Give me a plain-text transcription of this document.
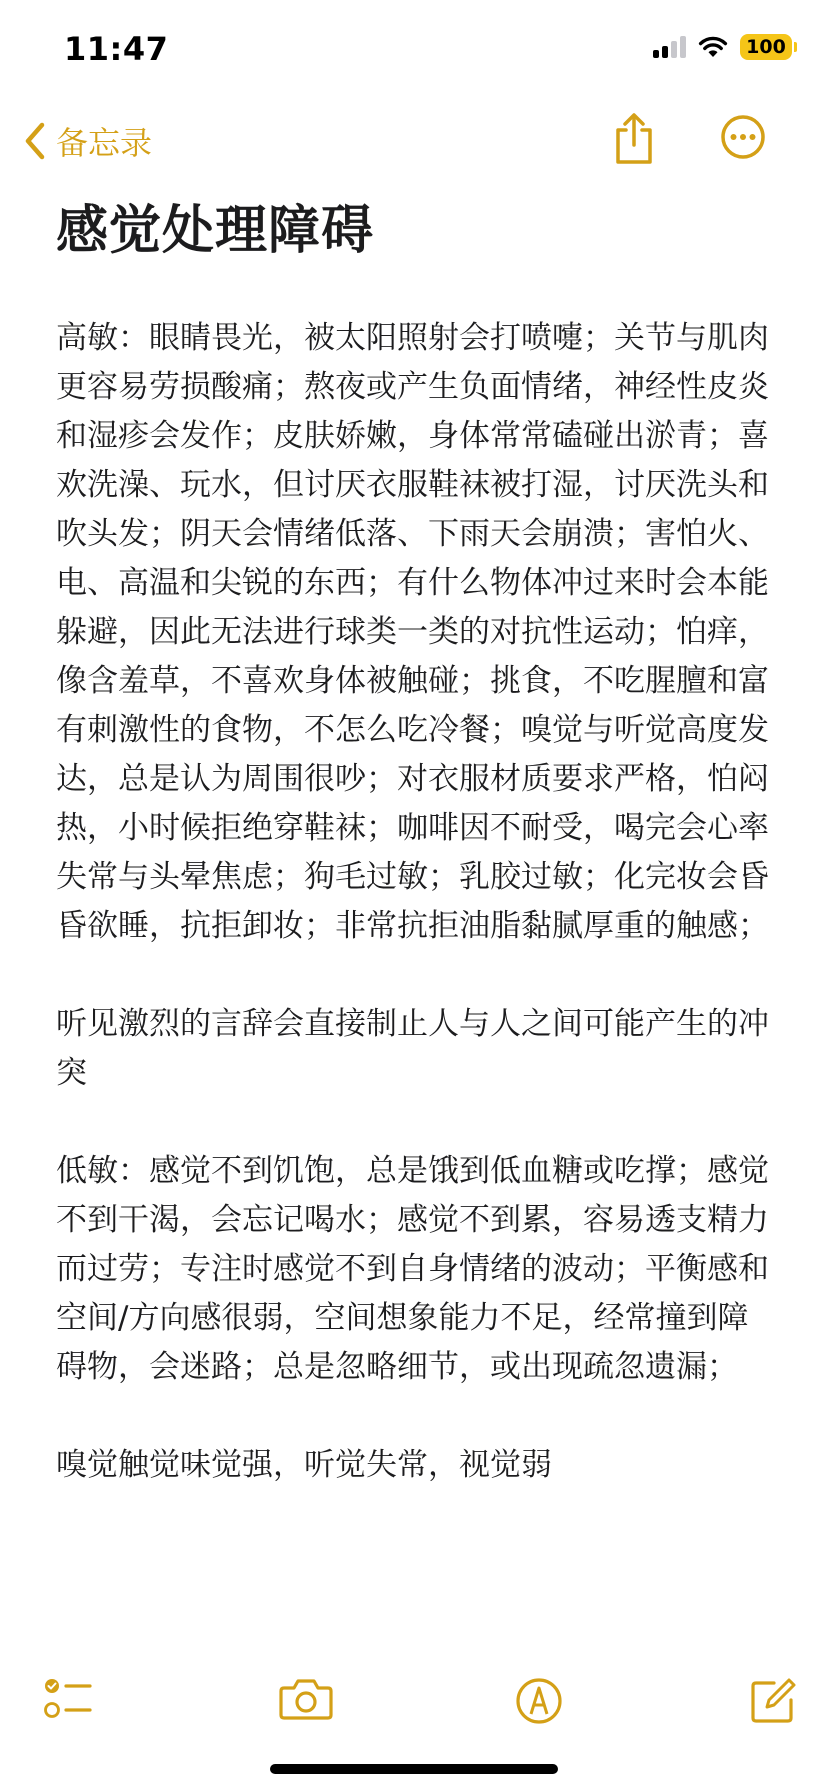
11:47	100
备忘录
感觉处理障碍

高敏：眼睛畏光，被太阳照射会打喷嚏；关节与肌肉更容易劳损酸痛；熬夜或产生负面情绪，神经性皮炎和湿疹会发作；皮肤娇嫩，身体常常磕碰出淤青；喜欢洗澡、玩水，但讨厌衣服鞋袜被打湿，讨厌洗头和吹头发；阴天会情绪低落、下雨天会崩溃；害怕火、电、高温和尖锐的东西；有什么物体冲过来时会本能躲避，因此无法进行球类一类的对抗性运动；怕痒，像含羞草，不喜欢身体被触碰；挑食，不吃腥膻和富有刺激性的食物，不怎么吃冷餐；嗅觉与听觉高度发达，总是认为周围很吵；对衣服材质要求严格，怕闷热，小时候拒绝穿鞋袜；咖啡因不耐受，喝完会心率失常与头晕焦虑；狗毛过敏；乳胶过敏；化完妆会昏昏欲睡，抗拒卸妆；非常抗拒油脂黏腻厚重的触感；

听见激烈的言辞会直接制止人与人之间可能产生的冲突

低敏：感觉不到饥饱，总是饿到低血糖或吃撑；感觉不到干渴，会忘记喝水；感觉不到累，容易透支精力而过劳；专注时感觉不到自身情绪的波动；平衡感和空间/方向感很弱，空间想象能力不足，经常撞到障碍物，会迷路；总是忽略细节，或出现疏忽遗漏；

嗅觉触觉味觉强，听觉失常，视觉弱
